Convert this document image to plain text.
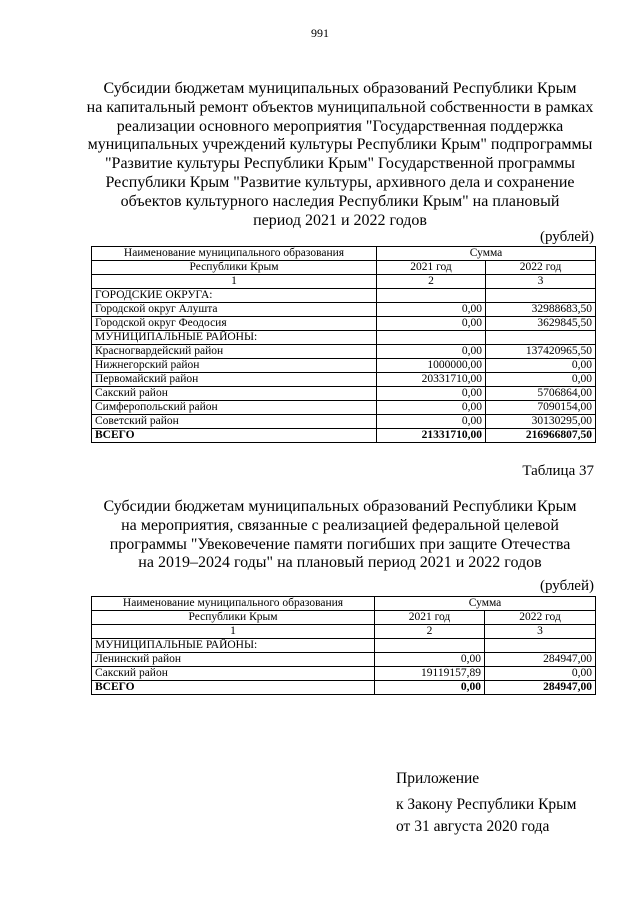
991
Субсидии бюджетам муниципальных образований Республики Крым
на капитальный ремонт объектов муниципальной собственности в рамках
реализации основного мероприятия "Государственная поддержка
муниципальных учреждений культуры Республики Крым" подпрограммы
"Развитие культуры Республики Крым" Государственной программы
Республики Крым "Развитие культуры, архивного дела и сохранение
объектов культурного наследия Республики Крым" на плановый
период 2021 и 2022 годов
(рублей)
Наименование муниципального образования	Сумма	
Республики Крым	2021 год	2022 год
1	2	3
ГОРОДСКИЕ ОКРУГА:		
Городской округ Алушта	0,00	32988683,50
Городской округ Феодосия	0,00	3629845,50
МУНИЦИПАЛЬНЫЕ РАЙОНЫ:		
Красногвардейский район	0,00	137420965,50
Нижнегорский район	1000000,00	0,00
Первомайский район	20331710,00	0,00
Сакский район	0,00	5706864,00
Симферопольский район	0,00	7090154,00
Советский район	0,00	30130295,00
ВСЕГО	21331710,00	216966807,50
Таблица 37
Субсидии бюджетам муниципальных образований Республики Крым
на мероприятия, связанные с реализацией федеральной целевой
программы "Увековечение памяти погибших при защите Отечества
на 2019–2024 годы" на плановый период 2021 и 2022 годов
(рублей)
Наименование муниципального образования	Сумма	
Республики Крым	2021 год	2022 год
1	2	3
МУНИЦИПАЛЬНЫЕ РАЙОНЫ:		
Ленинский район	0,00	284947,00
Сакский район	19119157,89	0,00
ВСЕГО	0,00	284947,00
Приложение
к Закону Республики Крым
от 31 августа 2020 года
